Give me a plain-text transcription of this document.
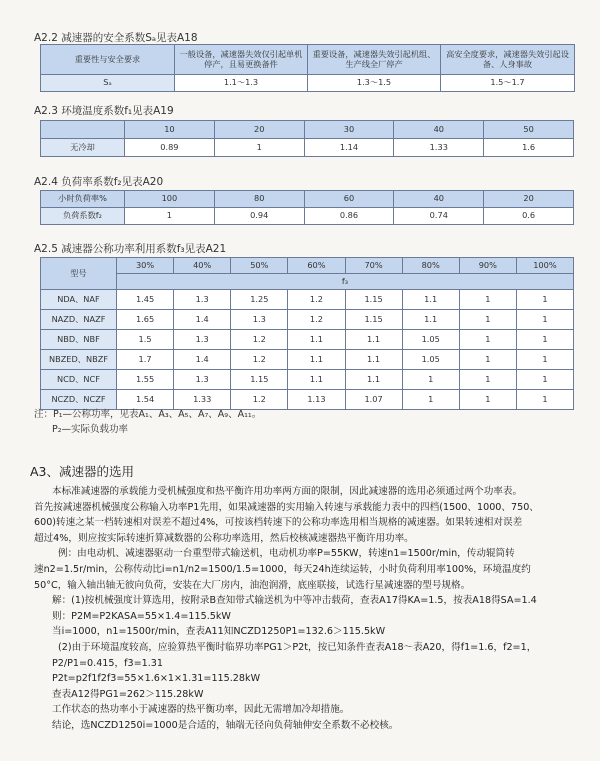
A2.2 减速器的安全系数Sₐ见表A18
重要性与安全要求	一般设备，减速器失效仅引起单机停产，且易更换备件	重要设备，减速器失效引起机组、生产线全厂停产	高安全度要求，减速器失效引起设备、人身事故
Sₐ	1.1～1.3	1.3～1.5	1.5～1.7
A2.3 环境温度系数f₁见表A19
	10	20	30	40	50
无冷却	0.89	1	1.14	1.33	1.6
A2.4 负荷率系数f₂见表A20
小时负荷率%	100	80	60	40	20
负荷系数f₂	1	0.94	0.86	0.74	0.6
A2.5 减速器公称功率利用系数f₃见表A21
型号	30%	40%	50%	60%	70%	80%	90%	100%
	f₃							
NDA、NAF	1.45	1.3	1.25	1.2	1.15	1.1	1	1
NAZD、NAZF	1.65	1.4	1.3	1.2	1.15	1.1	1	1
NBD、NBF	1.5	1.3	1.2	1.1	1.1	1.05	1	1
NBZED、NBZF	1.7	1.4	1.2	1.1	1.1	1.05	1	1
NCD、NCF	1.55	1.3	1.15	1.1	1.1	1	1	1
NCZD、NCZF	1.54	1.33	1.2	1.13	1.07	1	1	1
注：P₁—公称功率，见表A₁、A₃、A₅、A₇、A₉、A₁₁。
P₂—实际负载功率
A3、减速器的选用

本标准减速器的承载能力受机械强度和热平衡许用功率两方面的限制，因此减速器的选用必须通过两个功率表。

首先按减速器机械强度公称输入功率P1先用，如果减速器的实用输入转速与承载能力表中的四档(1500、1000、750、

600)转速之某一档转速相对误差不超过4%，可按该档转速下的公称功率选用相当规格的减速器。如果转速相对误差

超过4%，则应按实际转速折算减数器的公称功率选用，然后校核减速器热平衡许用功率。

例：由电动机、减速器驱动一台重型带式输送机，电动机功率P=55KW，转速n1=1500r/min，传动辊筒转

速n2=1.5r/min，公称传动比i=n1/n2=1500/1.5=1000，每天24h连续运转，小时负荷利用率100%，环境温度约

50°C，输入轴出轴无彼向负荷，安装在大厂房内，油泡润滑，底座联接，试选行星减速器的型号规格。

解：(1)按机械强度计算选用，按附录B查知带式输送机为中等冲击载荷，查表A17得KA=1.5，按表A18得SA=1.4

则：P2M=P2KASA=55×1.4=115.5kW

当i=1000，n1=1500r/min，查表A11知NCZD1250P1=132.6＞115.5kW

(2)由于环境温度较高，应验算热平衡时临界功率PG1＞P2t，按已知条件查表A18～表A20，得f1=1.6，f2=1，

P2/P1=0.415，f3=1.31

P2t=p2f1f2f3=55×1.6×1×1.31=115.28kW

查表A12得PG1=262＞115.28kW

工作状态的热功率小于减速器的热平衡功率，因此无需增加冷却措施。

结论，选NCZD1250i=1000是合适的，轴端无径向负荷轴伸安全系数不必校核。
